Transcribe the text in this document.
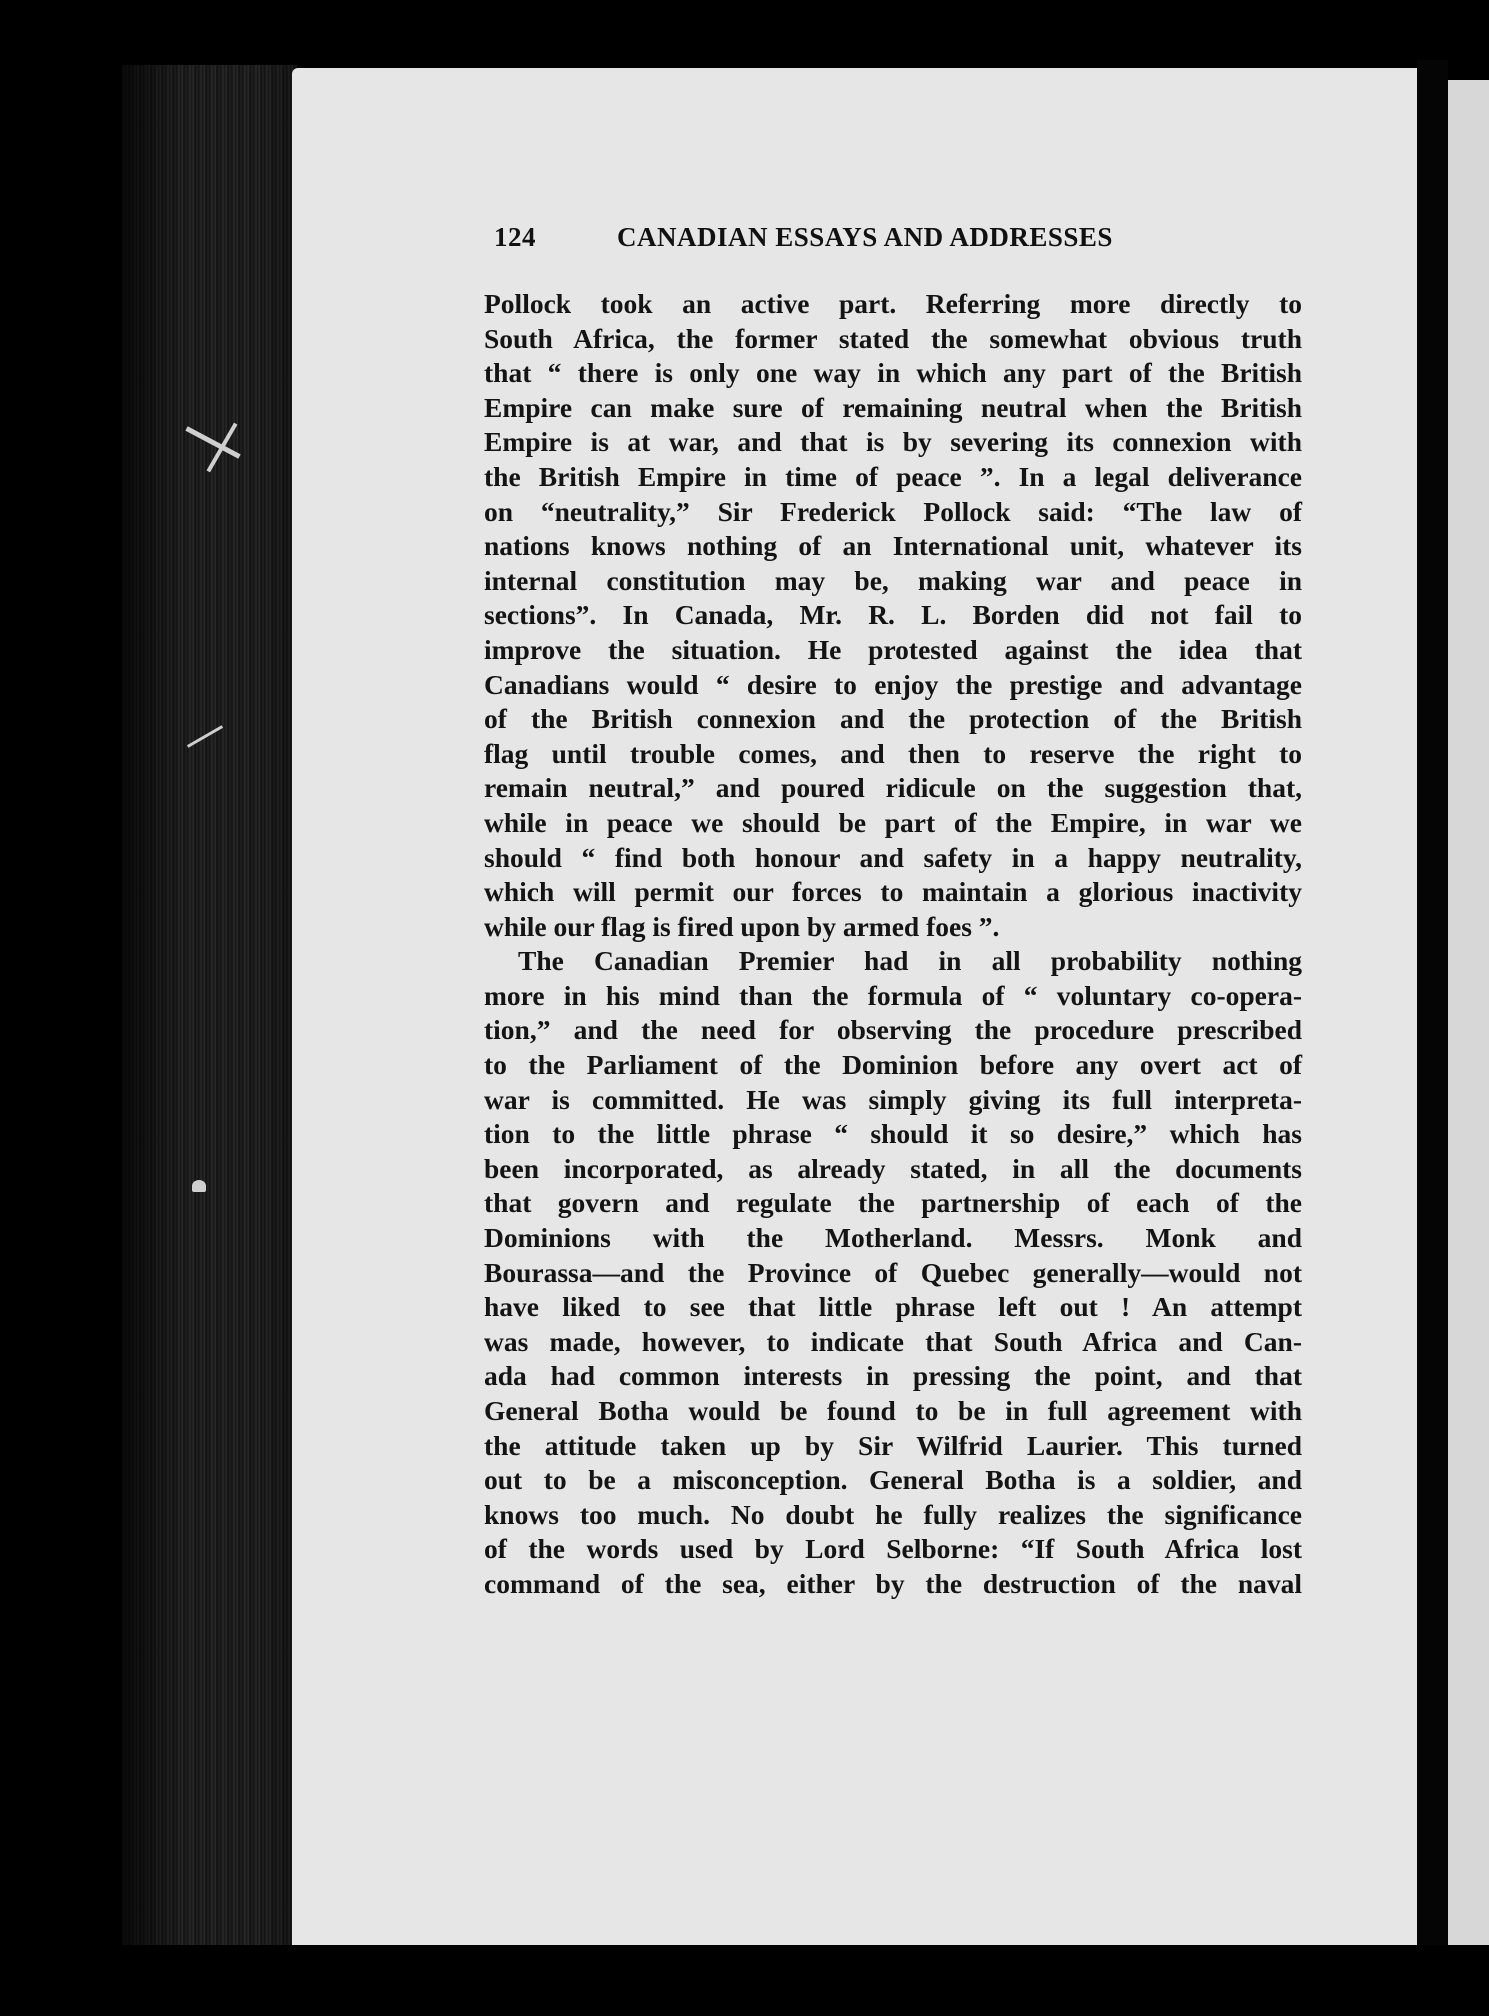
124	CANADIAN ESSAYS AND ADDRESSES
Pollock took an active part. Referring more directly to
South Africa, the former stated the somewhat obvious truth
that “ there is only one way in which any part of the British
Empire can make sure of remaining neutral when the British
Empire is at war, and that is by severing its connexion with
the British Empire in time of peace ”. In a legal deliverance
on “neutrality,” Sir Frederick Pollock said: “The law of
nations knows nothing of an International unit, whatever its
internal constitution may be, making war and peace in
sections”. In Canada, Mr. R. L. Borden did not fail to
improve the situation. He protested against the idea that
Canadians would “ desire to enjoy the prestige and advantage
of the British connexion and the protection of the British
flag until trouble comes, and then to reserve the right to
remain neutral,” and poured ridicule on the suggestion that,
while in peace we should be part of the Empire, in war we
should “ find both honour and safety in a happy neutrality,
which will permit our forces to maintain a glorious inactivity
while our flag is fired upon by armed foes ”.
The Canadian Premier had in all probability nothing
more in his mind than the formula of “ voluntary co-opera-
tion,” and the need for observing the procedure prescribed
to the Parliament of the Dominion before any overt act of
war is committed. He was simply giving its full interpreta-
tion to the little phrase “ should it so desire,” which has
been incorporated, as already stated, in all the documents
that govern and regulate the partnership of each of the
Dominions with the Motherland. Messrs. Monk and
Bourassa—and the Province of Quebec generally—would not
have liked to see that little phrase left out ! An attempt
was made, however, to indicate that South Africa and Can-
ada had common interests in pressing the point, and that
General Botha would be found to be in full agreement with
the attitude taken up by Sir Wilfrid Laurier. This turned
out to be a misconception. General Botha is a soldier, and
knows too much. No doubt he fully realizes the significance
of the words used by Lord Selborne: “If South Africa lost
command of the sea, either by the destruction of the naval
